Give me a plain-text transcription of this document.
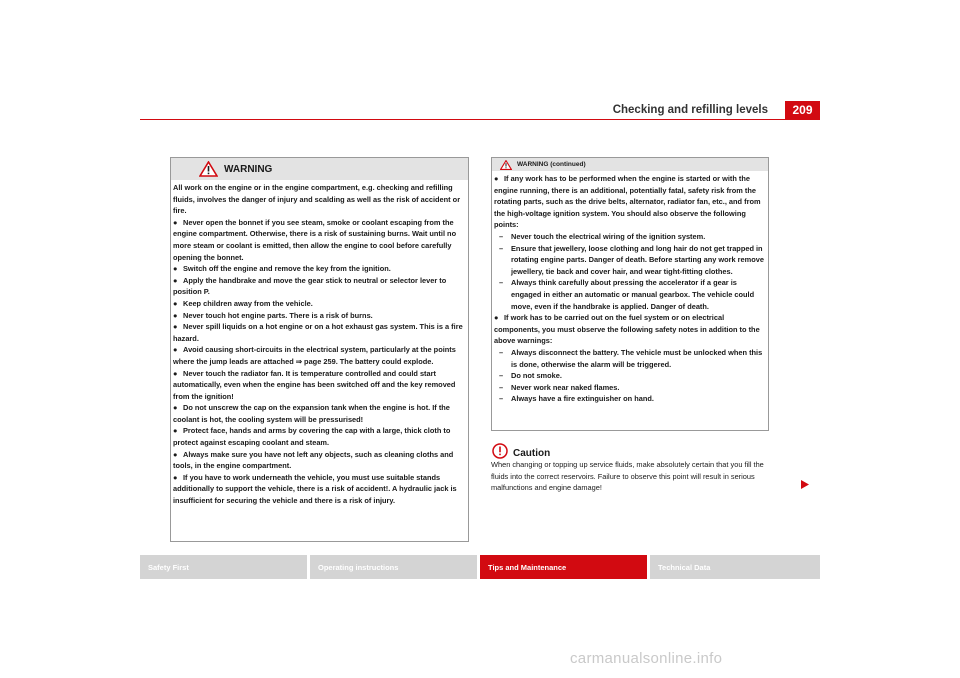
Checking and refilling levels	209
WARNING

All work on the engine or in the engine compartment, e.g. checking and refilling fluids, involves the danger of injury and scalding as well as the risk of accident or fire.

● Never open the bonnet if you see steam, smoke or coolant escaping from the engine compartment. Otherwise, there is a risk of sustaining burns. Wait until no more steam or coolant is emitted, then allow the engine to cool before carefully opening the bonnet.

● Switch off the engine and remove the key from the ignition.

● Apply the handbrake and move the gear stick to neutral or selector lever to position P.

● Keep children away from the vehicle.

● Never touch hot engine parts. There is a risk of burns.

● Never spill liquids on a hot engine or on a hot exhaust gas system. This is a fire hazard.

● Avoid causing short-circuits in the electrical system, particularly at the points where the jump leads are attached ⇒ page 259. The battery could explode.

● Never touch the radiator fan. It is temperature controlled and could start automatically, even when the engine has been switched off and the key removed from the ignition!

● Do not unscrew the cap on the expansion tank when the engine is hot. If the coolant is hot, the cooling system will be pressurised!

● Protect face, hands and arms by covering the cap with a large, thick cloth to protect against escaping coolant and steam.

● Always make sure you have not left any objects, such as cleaning cloths and tools, in the engine compartment.

● If you have to work underneath the vehicle, you must use suitable stands additionally to support the vehicle, there is a risk of accident!. A hydraulic jack is insufficient for securing the vehicle and there is a risk of injury.

WARNING (continued)

● If any work has to be performed when the engine is started or with the engine running, there is an additional, potentially fatal, safety risk from the rotating parts, such as the drive belts, alternator, radiator fan, etc., and from the high-voltage ignition system. You should also observe the following points:

– Never touch the electrical wiring of the ignition system.

– Ensure that jewellery, loose clothing and long hair do not get trapped in rotating engine parts. Danger of death. Before starting any work remove jewellery, tie back and cover hair, and wear tight-fitting clothes.

– Always think carefully about pressing the accelerator if a gear is engaged in either an automatic or manual gearbox. The vehicle could move, even if the handbrake is applied. Danger of death.

● If work has to be carried out on the fuel system or on electrical components, you must observe the following safety notes in addition to the above warnings:

– Always disconnect the battery. The vehicle must be unlocked when this is done, otherwise the alarm will be triggered.

– Do not smoke.

– Never work near naked flames.

– Always have a fire extinguisher on hand.

Caution
When changing or topping up service fluids, make absolutely certain that you fill the fluids into the correct reservoirs. Failure to observe this point will result in serious malfunctions and engine damage!
Safety First	Operating instructions	Tips and Maintenance	Technical Data
carmanualsonline.info
